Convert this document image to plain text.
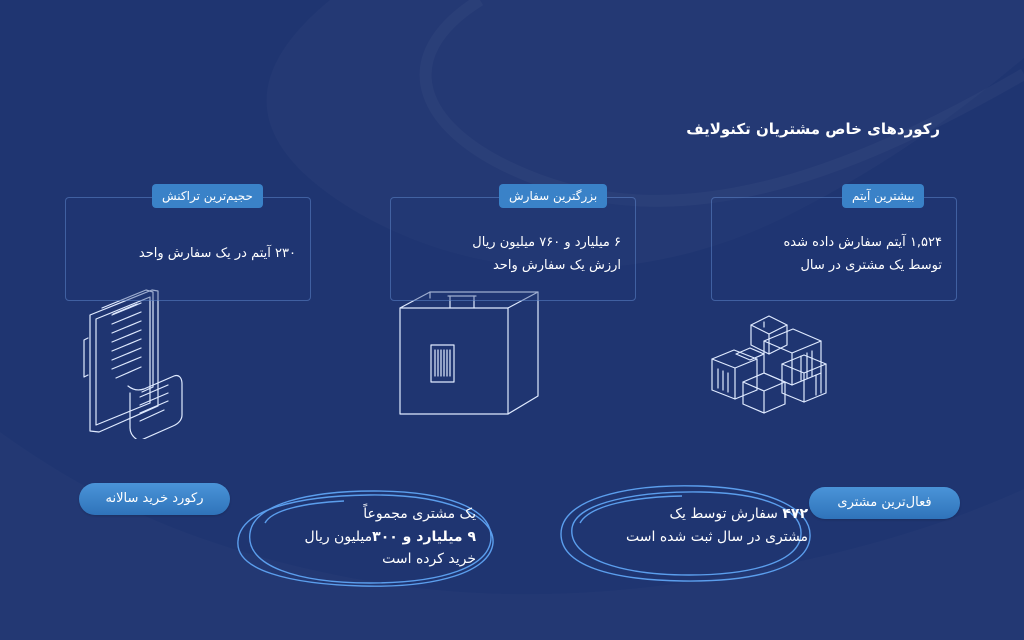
رکوردهای خاص مشتریان تکنولایف
بیشترین آیتم
۱,۵۲۴ آیتم سفارش داده شده
توسط یک مشتری در سال
بزرگترین سفارش
۶ میلیارد و ۷۶۰ میلیون ریال
ارزش یک سفارش واحد
حجیم‌ترین تراکنش
۲۳۰ آیتم در یک سفارش واحد
رکورد خرید سالانه
یک مشتری مجموعاً
۹ میلیارد و ۳۰۰میلیون ریال
خرید کرده است
فعال‌ترین مشتری
۴۷۲ سفارش توسط یک
مشتری در سال ثبت شده است
